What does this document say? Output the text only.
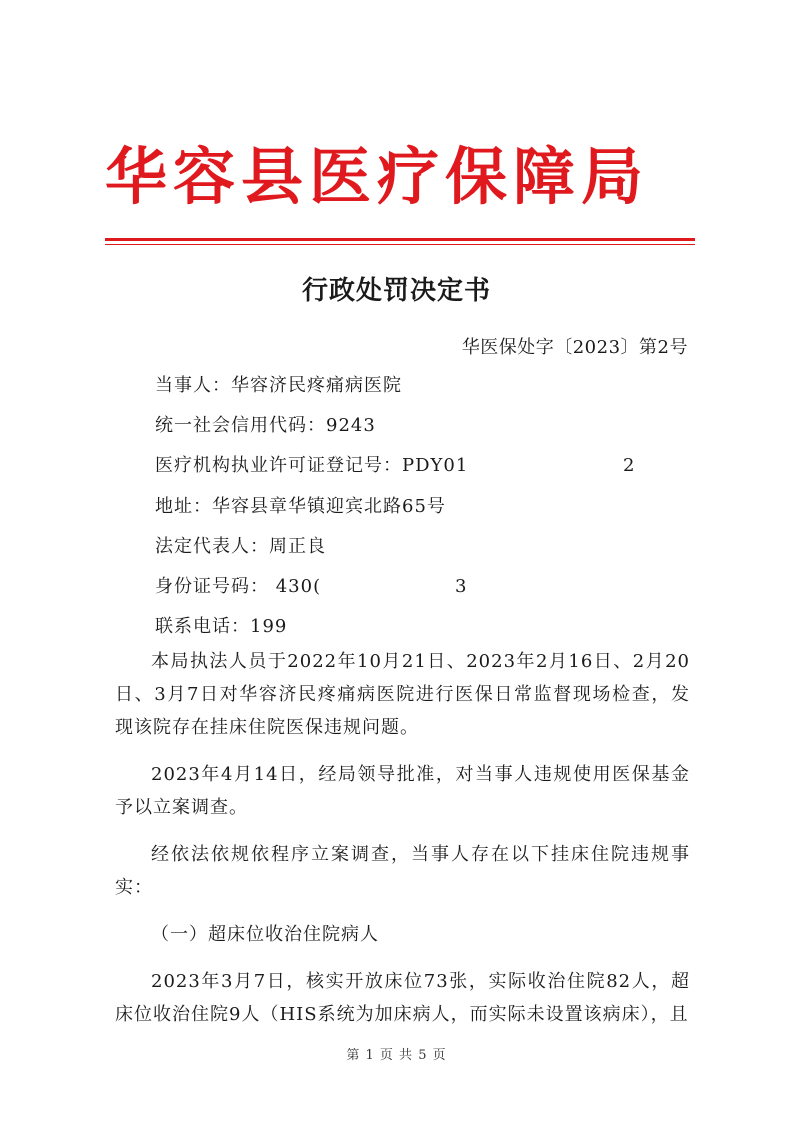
华容县医疗保障局
行政处罚决定书
华医保处字〔2023〕第2号
当事人：华容济民疼痛病医院
统一社会信用代码：9243
医疗机构执业许可证登记号：PDY01	2
地址：华容县章华镇迎宾北路65号
法定代表人：周正良
身份证号码： 430(	3
联系电话：199

本局执法人员于2022年10月21日、2023年2月16日、2月20日、3月7日对华容济民疼痛病医院进行医保日常监督现场检查，发现该院存在挂床住院医保违规问题。

2023年4月14日，经局领导批准，对当事人违规使用医保基金予以立案调查。

经依法依规依程序立案调查，当事人存在以下挂床住院违规事实：

（一）超床位收治住院病人

2023年3月7日，核实开放床位73张，实际收治住院82人，超床位收治住院9人（HIS系统为加床病人，而实际未设置该病床），且

第 1 页 共 5 页
